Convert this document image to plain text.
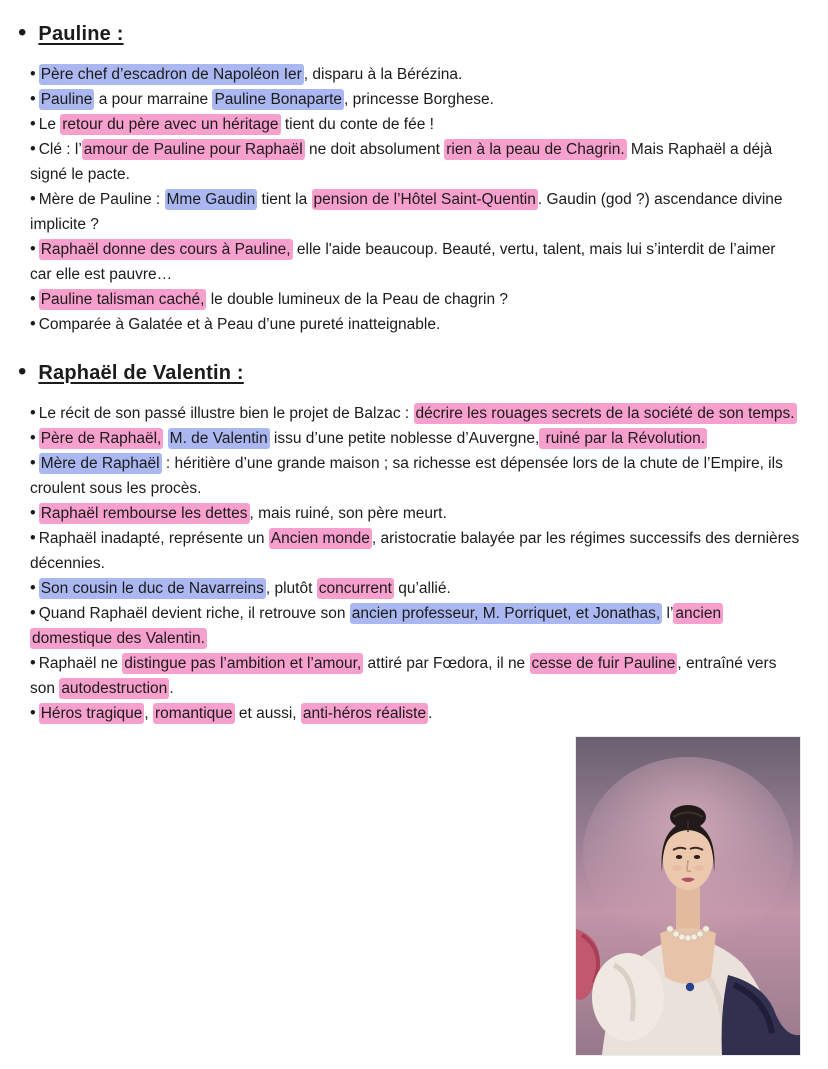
• Pauline :
• Père chef d’escadron de Napoléon Ier , disparu à la Bérézina.
• Pauline a pour marraine Pauline Bonaparte , princesse Borghese.
• Le retour du père avec un héritage tient du conte de fée !
• Clé : l’ amour de Pauline pour Raphaël ne doit absolument rien à la peau de Chagrin. Mais Raphaël a déjà signé le pacte.
• Mère de Pauline : Mme Gaudin tient la pension de l’Hôtel Saint-Quentin . Gaudin (god ?) ascendance divine implicite ?
• Raphaël donne des cours à Pauline, elle l'aide beaucoup. Beauté, vertu, talent, mais lui s’interdit de l’aimer car elle est pauvre…
• Pauline talisman caché, le double lumineux de la Peau de chagrin ?
• Comparée à Galatée et à Peau d’une pureté inatteignable.
• Raphaël de Valentin :
• Le récit de son passé illustre bien le projet de Balzac : décrire les rouages secrets de la société de son temps.
• Père de Raphaël, M. de Valentin issu d’une petite noblesse d’Auvergne, ruiné par la Révolution.
• Mère de Raphaël : héritière d’une grande maison ; sa richesse est dépensée lors de la chute de l’Empire, ils croulent sous les procès.
• Raphaël rembourse les dettes , mais ruiné, son père meurt.
• Raphaël inadapté, représente un Ancien monde , aristocratie balayée par les régimes successifs des dernières décennies.
• Son cousin le duc de Navarreins , plutôt concurrent qu’allié.
• Quand Raphaël devient riche, il retrouve son ancien professeur, M. Porriquet, et Jonathas, l’ ancien domestique des Valentin.
• Raphaël ne distingue pas l’ambition et l’amour, attiré par Fœdora, il ne cesse de fuir Pauline , entraîné vers son autodestruction .
• Héros tragique , romantique et aussi, anti-héros réaliste .
